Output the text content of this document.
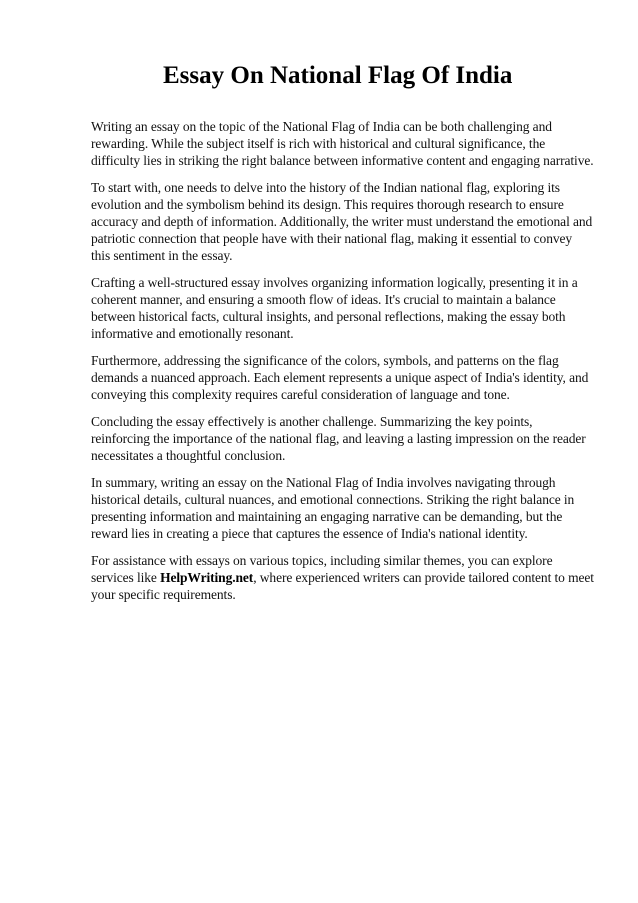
Essay On National Flag Of India

Writing an essay on the topic of the National Flag of India can be both challenging and rewarding. While the subject itself is rich with historical and cultural significance, the difficulty lies in striking the right balance between informative content and engaging narrative.

To start with, one needs to delve into the history of the Indian national flag, exploring its evolution and the symbolism behind its design. This requires thorough research to ensure accuracy and depth of information. Additionally, the writer must understand the emotional and patriotic connection that people have with their national flag, making it essential to convey this sentiment in the essay.

Crafting a well-structured essay involves organizing information logically, presenting it in a coherent manner, and ensuring a smooth flow of ideas. It's crucial to maintain a balance between historical facts, cultural insights, and personal reflections, making the essay both informative and emotionally resonant.

Furthermore, addressing the significance of the colors, symbols, and patterns on the flag demands a nuanced approach. Each element represents a unique aspect of India's identity, and conveying this complexity requires careful consideration of language and tone.

Concluding the essay effectively is another challenge. Summarizing the key points, reinforcing the importance of the national flag, and leaving a lasting impression on the reader necessitates a thoughtful conclusion.

In summary, writing an essay on the National Flag of India involves navigating through historical details, cultural nuances, and emotional connections. Striking the right balance in presenting information and maintaining an engaging narrative can be demanding, but the reward lies in creating a piece that captures the essence of India's national identity.

For assistance with essays on various topics, including similar themes, you can explore services like HelpWriting.net, where experienced writers can provide tailored content to meet your specific requirements.
